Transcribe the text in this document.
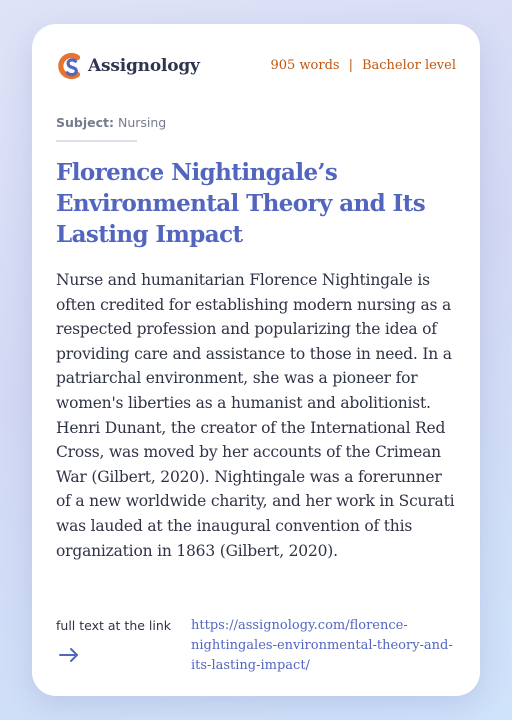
Assignology	905 words | Bachelor level
Subject: Nursing
Florence Nightingale’s Environmental Theory and Its Lasting Impact

Nurse and humanitarian Florence Nightingale is often credited for establishing modern nursing as a respected profession and popularizing the idea of providing care and assistance to those in need. In a patriarchal environment, she was a pioneer for women's liberties as a humanist and abolitionist. Henri Dunant, the creator of the International Red Cross, was moved by her accounts of the Crimean War (Gilbert, 2020). Nightingale was a forerunner of a new worldwide charity, and her work in Scurati was lauded at the inaugural convention of this organization in 1863 (Gilbert, 2020).

full text at the link https://assignology.com/florence-nightingales-environmental-theory-and-its-lasting-impact/
